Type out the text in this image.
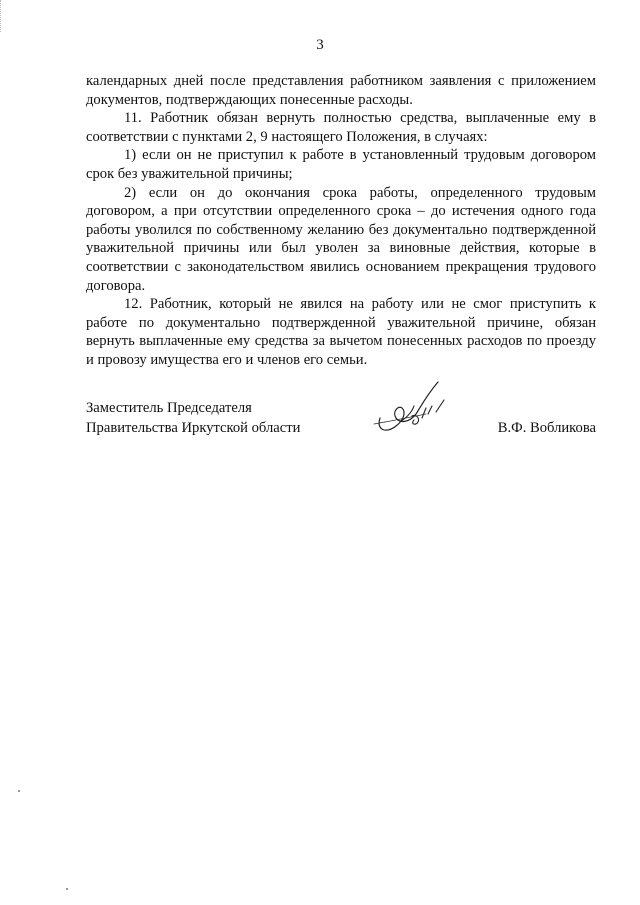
3

календарных дней после представления работником заявления с приложением документов, подтверждающих понесенные расходы.

11. Работник обязан вернуть полностью средства, выплаченные ему в соответствии с пунктами 2, 9 настоящего Положения, в случаях:

1) если он не приступил к работе в установленный трудовым договором срок без уважительной причины;

2) если он до окончания срока работы, определенного трудовым договором, а при отсутствии определенного срока – до истечения одного года работы уволился по собственному желанию без документально подтвержденной уважительной причины или был уволен за виновные действия, которые в соответствии с законодательством явились основанием прекращения трудового договора.

12. Работник, который не явился на работу или не смог приступить к работе по документально подтвержденной уважительной причине, обязан вернуть выплаченные ему средства за вычетом понесенных расходов по проезду и провозу имущества его и членов его семьи.

Заместитель Председателя
Правительства Иркутской области	В.Ф. Вобликова
